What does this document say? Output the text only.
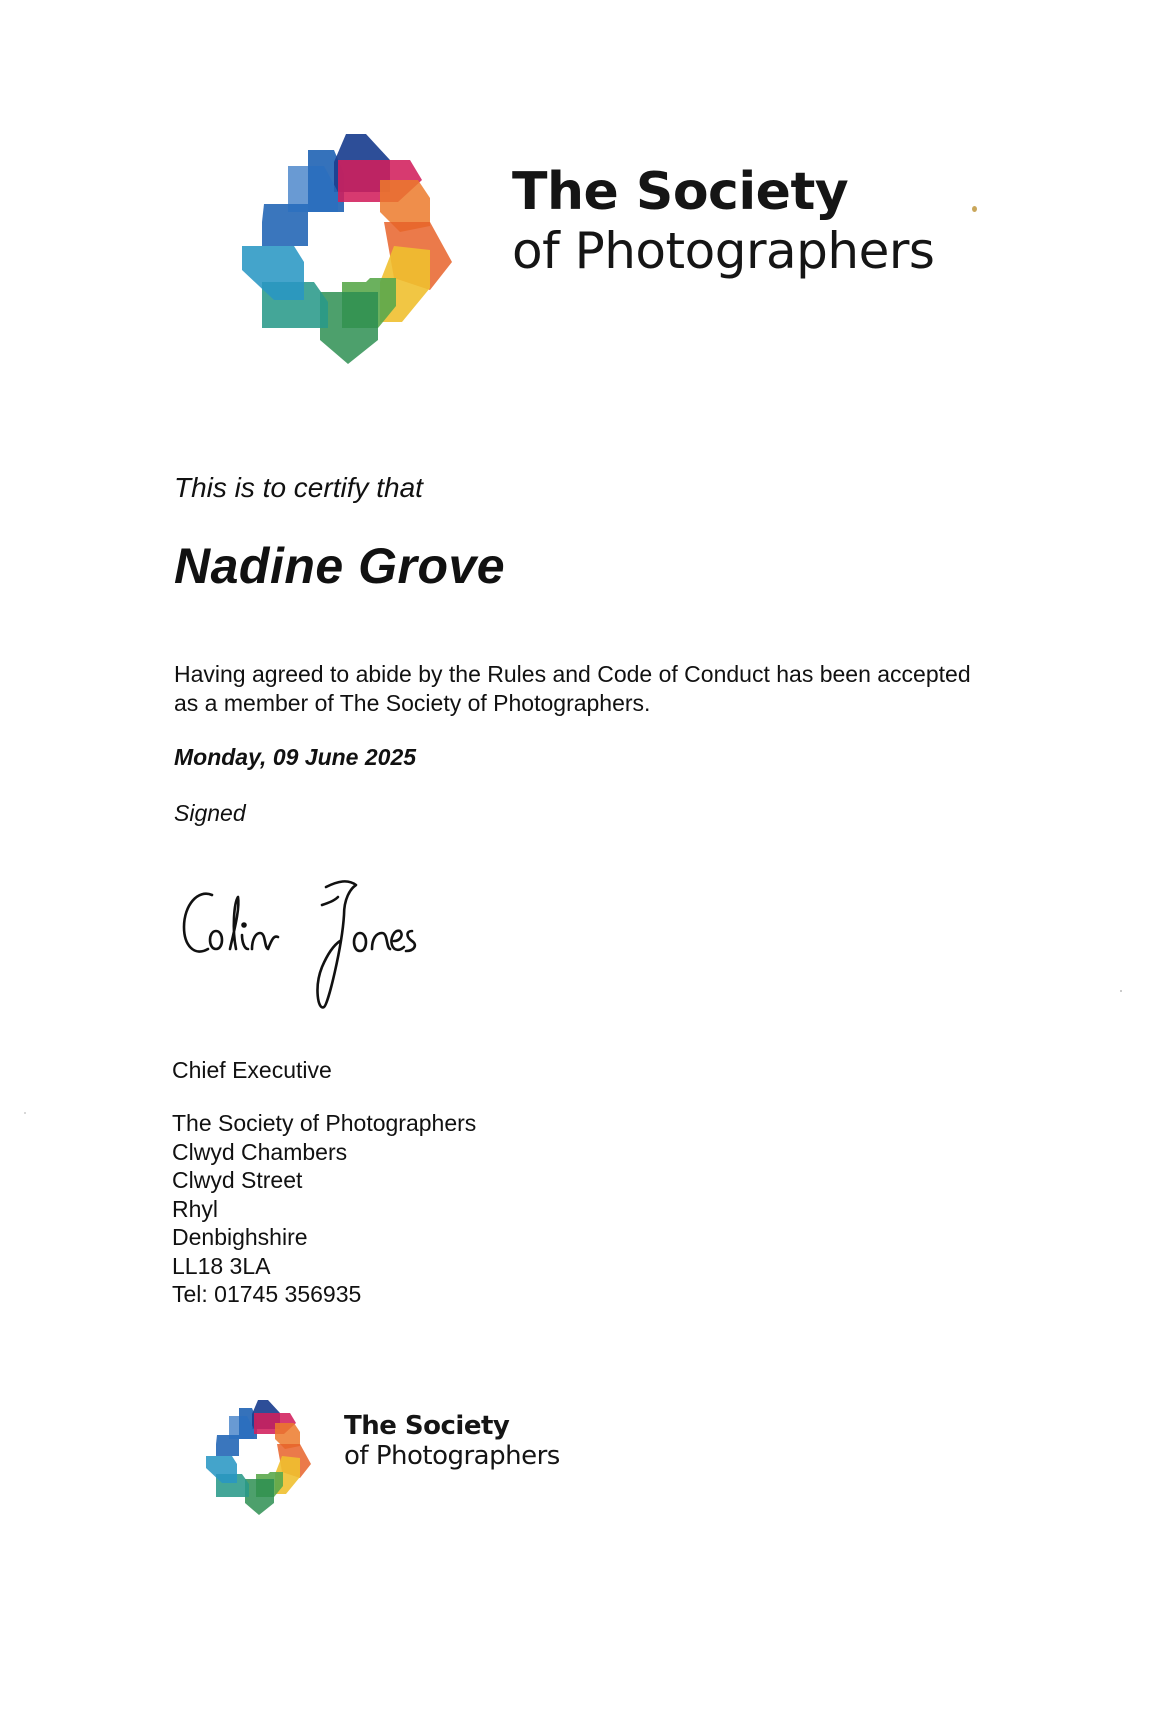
The Society
of Photographers
This is to certify that
Nadine Grove
Having agreed to abide by the Rules and Code of Conduct has been accepted as a member of The Society of Photographers.
Monday, 09 June 2025
Signed
Chief Executive
The Society of Photographers
Clwyd Chambers
Clwyd Street
Rhyl
Denbighshire
LL18 3LA
Tel: 01745 356935
The Society
of Photographers
